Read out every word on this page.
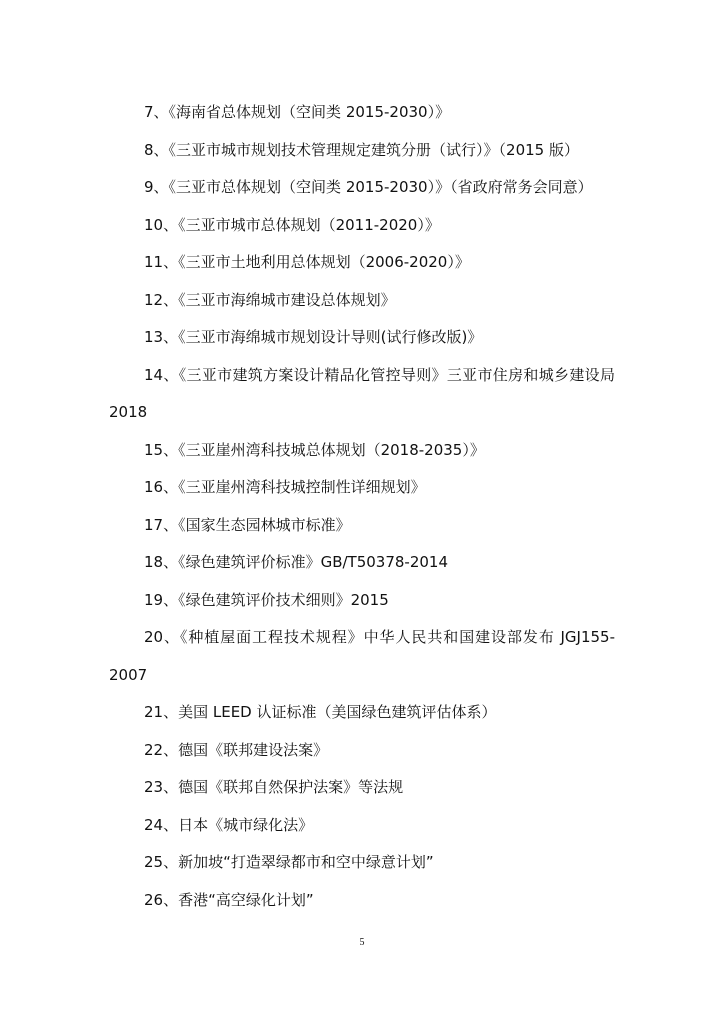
7、《海南省总体规划（空间类 2015-2030）》
8、《三亚市城市规划技术管理规定建筑分册（试行）》（2015 版）
9、《三亚市总体规划（空间类 2015-2030）》（省政府常务会同意）
10、《三亚市城市总体规划（2011-2020）》
11、《三亚市土地利用总体规划（2006-2020）》
12、《三亚市海绵城市建设总体规划》
13、《三亚市海绵城市规划设计导则(试行修改版)》
14、《三亚市建筑方案设计精品化管控导则》三亚市住房和城乡建设局 2018
15、《三亚崖州湾科技城总体规划（2018-2035）》
16、《三亚崖州湾科技城控制性详细规划》
17、《国家生态园林城市标准》
18、《绿色建筑评价标准》GB/T50378-2014
19、《绿色建筑评价技术细则》2015
20、《种植屋面工程技术规程》中华人民共和国建设部发布 JGJ155-2007
21、美国 LEED 认证标准（美国绿色建筑评估体系）
22、德国《联邦建设法案》
23、德国《联邦自然保护法案》等法规
24、日本《城市绿化法》
25、新加坡“打造翠绿都市和空中绿意计划”
26、香港“高空绿化计划”
5
